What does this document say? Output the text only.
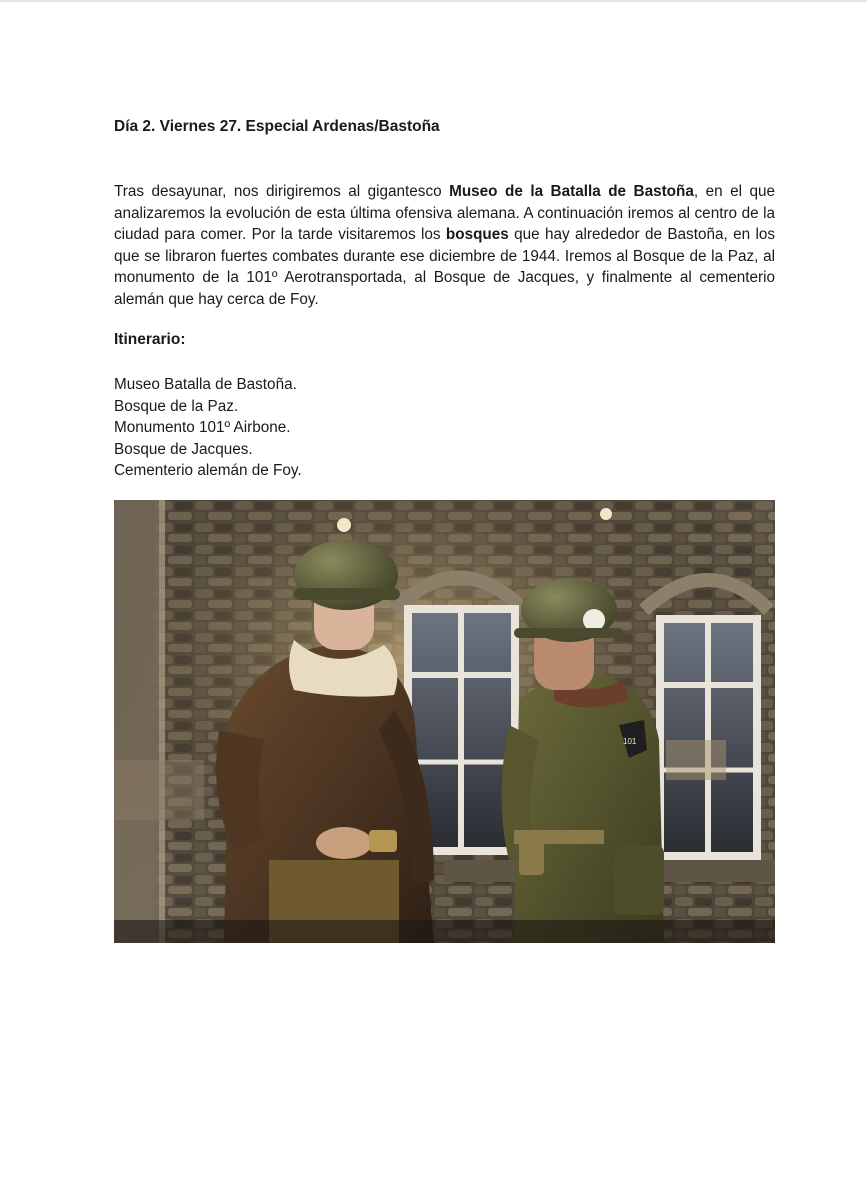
Día 2. Viernes 27. Especial Ardenas/Bastoña

Tras desayunar, nos dirigiremos al gigantesco Museo de la Batalla de Bastoña, en el que analizaremos la evolución de esta última ofensiva alemana. A continuación iremos al centro de la ciudad para comer. Por la tarde visitaremos los bosques que hay alrededor de Bastoña, en los que se libraron fuertes combates durante ese diciembre de 1944. Iremos al Bosque de la Paz, al monumento de la 101º Aerotransportada, al Bosque de Jacques, y finalmente al cementerio alemán que hay cerca de Foy.

Itinerario:
Museo Batalla de Bastoña.
Bosque de la Paz.
Monumento 101º Airbone.
Bosque de Jacques.
Cementerio alemán de Foy.
101
